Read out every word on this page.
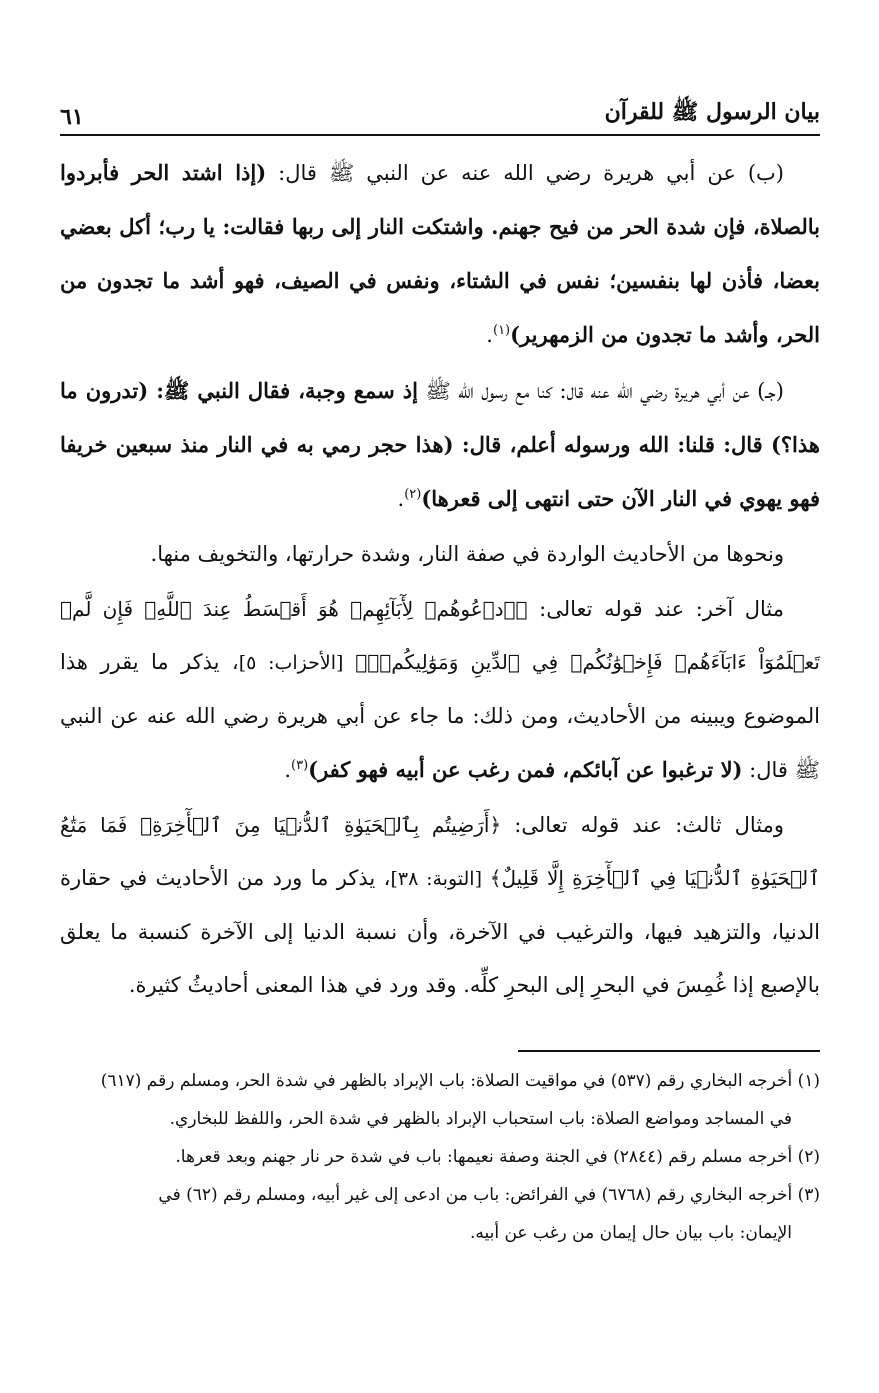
بيان الرسول ﷺ للقرآن
٦١

(ب) عن أبي هريرة رضي الله عنه عن النبي ﷺ قال: (إذا اشتد الحر فأبردوا بالصلاة، فإن شدة الحر من فيح جهنم. واشتكت النار إلى ربها فقالت: يا رب؛ أكل بعضي بعضا، فأذن لها بنفسين؛ نفس في الشتاء، ونفس في الصيف، فهو أشد ما تجدون من الحر، وأشد ما تجدون من الزمهرير)$^{(١)}$.

(جـ) عن أبي هريرة رضي الله عنه قال: كنا مع رسول الله ﷺ إذ سمع وجبة، فقال النبي ﷺ: (تدرون ما هذا؟) قال: قلنا: الله ورسوله أعلم، قال: (هذا حجر رمي به في النار منذ سبعين خريفا فهو يهوي في النار الآن حتى انتهى إلى قعرها)$^{(٢)}$.

ونحوها من الأحاديث الواردة في صفة النار، وشدة حرارتها، والتخويف منها.

مثال آخر: عند قوله تعالى: ﴿ٱدۡعُوهُمۡ لِأٓبَآئِهِمۡ هُوَ أَقۡسَطُ عِندَ ٱللَّهِۚ فَإِن لَّمۡ تَعۡلَمُوٓاْ ءَابَآءَهُمۡ فَإِخۡوَٰنُكُمۡ فِي ٱلدِّينِ وَمَوَٰلِيكُمۡۚ﴾ [الأحزاب: ٥]، يذكر ما يقرر هذا الموضوع ويبينه من الأحاديث، ومن ذلك: ما جاء عن أبي هريرة رضي الله عنه عن النبي ﷺ قال: (لا ترغبوا عن آبائكم، فمن رغب عن أبيه فهو كفر)$^{(٣)}$.

ومثال ثالث: عند قوله تعالى: ﴿أَرَضِيتُم بِٱلۡحَيَوٰةِ ٱلدُّنۡيَا مِنَ ٱلۡأٓخِرَةِۚ فَمَا مَتَٰعُ ٱلۡحَيَوٰةِ ٱلدُّنۡيَا فِي ٱلۡأٓخِرَةِ إِلَّا قَلِيلٌ﴾ [التوبة: ٣٨]، يذكر ما ورد من الأحاديث في حقارة الدنيا، والتزهيد فيها، والترغيب في الآخرة، وأن نسبة الدنيا إلى الآخرة كنسبة ما يعلق بالإصبع إذا غُمِسَ في البحرِ إلى البحرِ كلِّه. وقد ورد في هذا المعنى أحاديثُ كثيرة.

(١) أخرجه البخاري رقم (٥٣٧) في مواقيت الصلاة: باب الإبراد بالظهر في شدة الحر، ومسلم رقم (٦١٧)
في المساجد ومواضع الصلاة: باب استحباب الإبراد بالظهر في شدة الحر، واللفظ للبخاري.

(٢) أخرجه مسلم رقم (٢٨٤٤) في الجنة وصفة نعيمها: باب في شدة حر نار جهنم وبعد قعرها.

(٣) أخرجه البخاري رقم (٦٧٦٨) في الفرائض: باب من ادعى إلى غير أبيه، ومسلم رقم (٦٢) في
الإيمان: باب بيان حال إيمان من رغب عن أبيه.
